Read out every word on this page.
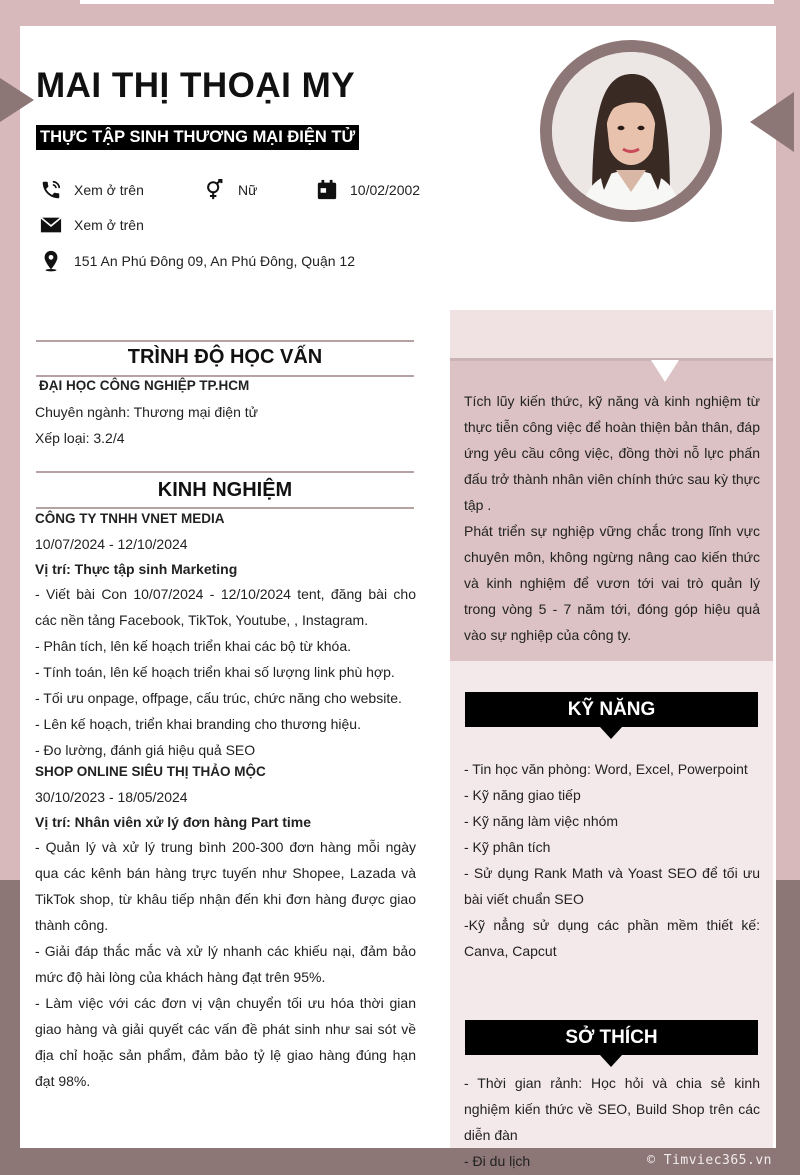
MAI THỊ THOẠI MY
THỰC TẬP SINH THƯƠNG MẠI ĐIỆN TỬ
Xem ở trên	Nữ	10/02/2002
Xem ở trên
151 An Phú Đông 09, An Phú Đông, Quận 12
TRÌNH ĐỘ HỌC VẤN
ĐẠI HỌC CÔNG NGHIỆP TP.HCM
Chuyên ngành: Thương mại điện tử
Xếp loại: 3.2/4
KINH NGHIỆM
CÔNG TY TNHH VNET MEDIA
10/07/2024 - 12/10/2024
Vị trí: Thực tập sinh Marketing
- Viết bài Con 10/07/2024 - 12/10/2024 tent, đăng bài cho các nền tảng Facebook, TikTok, Youtube, , Instagram.
- Phân tích, lên kế hoạch triển khai các bộ từ khóa.
- Tính toán, lên kế hoạch triển khai số lượng link phù hợp.
- Tối ưu onpage, offpage, cấu trúc, chức năng cho website.
- Lên kế hoạch, triển khai branding cho thương hiệu.
- Đo lường, đánh giá hiệu quả SEO
SHOP ONLINE SIÊU THỊ THẢO MỘC
30/10/2023 - 18/05/2024
Vị trí: Nhân viên xử lý đơn hàng Part time
- Quản lý và xử lý trung bình 200-300 đơn hàng mỗi ngày qua các kênh bán hàng trực tuyến như Shopee, Lazada và TikTok shop, từ khâu tiếp nhận đến khi đơn hàng được giao thành công.
- Giải đáp thắc mắc và xử lý nhanh các khiếu nại, đảm bảo mức độ hài lòng của khách hàng đạt trên 95%.
- Làm việc với các đơn vị vận chuyển tối ưu hóa thời gian giao hàng và giải quyết các vấn đề phát sinh như sai sót về địa chỉ hoặc sản phẩm, đảm bảo tỷ lệ giao hàng đúng hạn đạt 98%.
Tích lũy kiến thức, kỹ năng và kinh nghiệm từ thực tiễn công việc để hoàn thiện bản thân, đáp ứng yêu cầu công việc, đồng thời nỗ lực phấn đấu trở thành nhân viên chính thức sau kỳ thực tập .
Phát triển sự nghiệp vững chắc trong lĩnh vực chuyên môn, không ngừng nâng cao kiến thức và kinh nghiệm để vươn tới vai trò quản lý trong vòng 5 - 7 năm tới, đóng góp hiệu quả vào sự nghiệp của công ty.
KỸ NĂNG
- Tin học văn phòng: Word, Excel, Powerpoint
- Kỹ năng giao tiếp
- Kỹ năng làm việc nhóm
- Kỹ phân tích
- Sử dụng Rank Math và Yoast SEO để tối ưu bài viết chuẩn SEO
-Kỹ nẳng sử dụng các phần mềm thiết kế: Canva, Capcut
SỞ THÍCH
- Thời gian rảnh: Học hỏi và chia sẻ kinh nghiệm kiến thức về SEO, Build Shop trên các diễn đàn
- Đi du lịch	© Timviec365.vn
